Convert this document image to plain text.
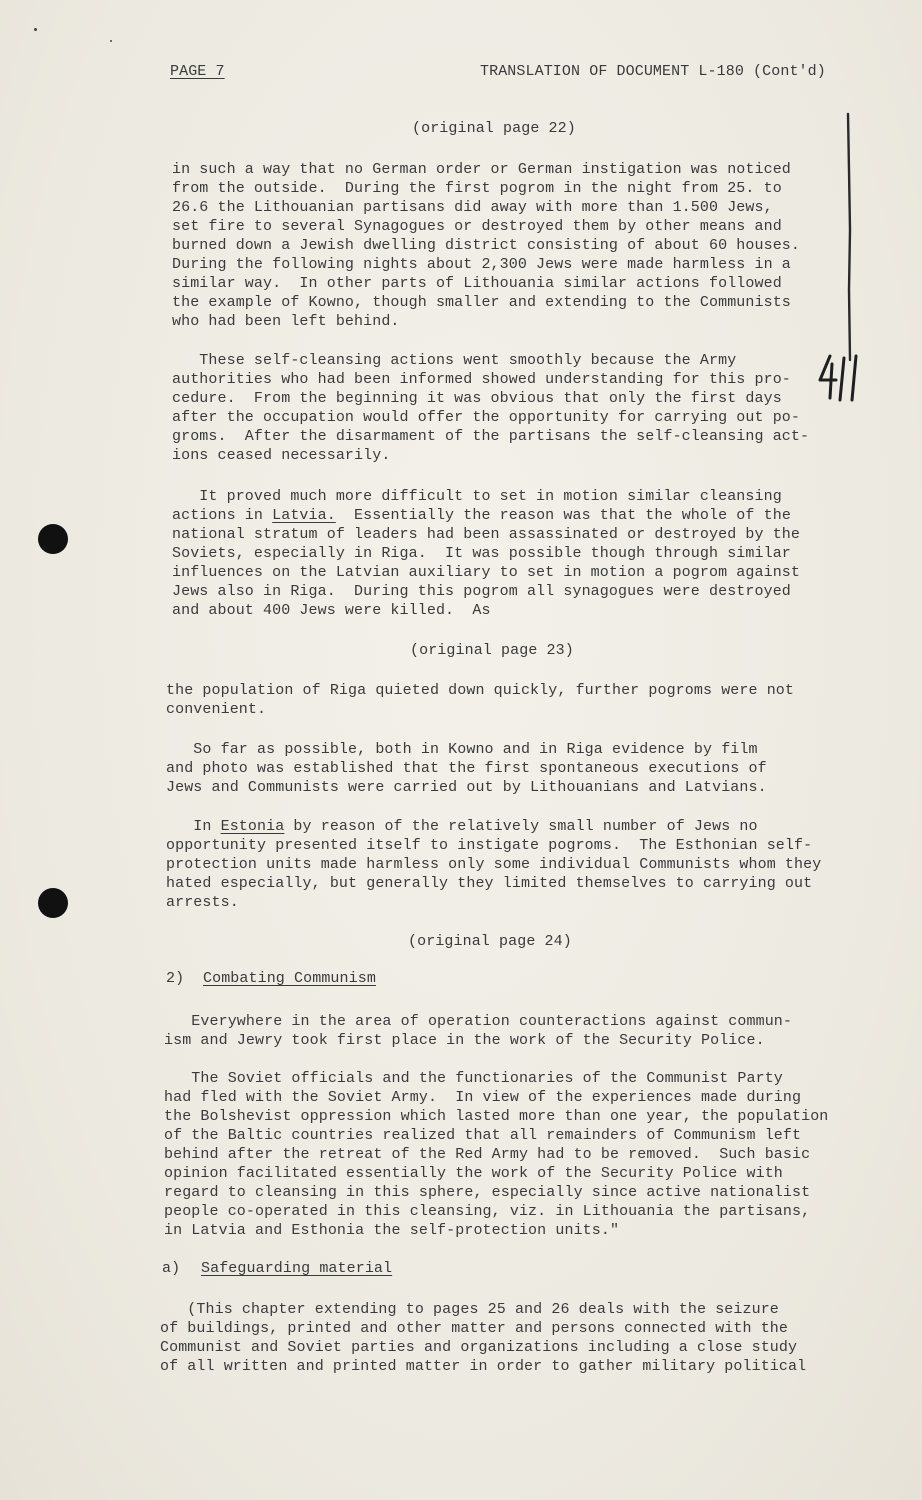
PAGE 7	TRANSLATION OF DOCUMENT L-180 (Cont'd)
(original page 22)
in such a way that no German order or German instigation was noticed
from the outside.  During the first pogrom in the night from 25. to
26.6 the Lithouanian partisans did away with more than 1.500 Jews,
set fire to several Synagogues or destroyed them by other means and
burned down a Jewish dwelling district consisting of about 60 houses.
During the following nights about 2,300 Jews were made harmless in a
similar way.  In other parts of Lithouania similar actions followed
the example of Kowno, though smaller and extending to the Communists
who had been left behind.
These self-cleansing actions went smoothly because the Army
authorities who had been informed showed understanding for this pro-
cedure.  From the beginning it was obvious that only the first days
after the occupation would offer the opportunity for carrying out po-
groms.  After the disarmament of the partisans the self-cleansing act-
ions ceased necessarily.
It proved much more difficult to set in motion similar cleansing
actions in Latvia.  Essentially the reason was that the whole of the
national stratum of leaders had been assassinated or destroyed by the
Soviets, especially in Riga.  It was possible though through similar
influences on the Latvian auxiliary to set in motion a pogrom against
Jews also in Riga.  During this pogrom all synagogues were destroyed
and about 400 Jews were killed.  As
(original page 23)
the population of Riga quieted down quickly, further pogroms were not
convenient.
So far as possible, both in Kowno and in Riga evidence by film
and photo was established that the first spontaneous executions of
Jews and Communists were carried out by Lithouanians and Latvians.
In Estonia by reason of the relatively small number of Jews no
opportunity presented itself to instigate pogroms.  The Esthonian self-
protection units made harmless only some individual Communists whom they
hated especially, but generally they limited themselves to carrying out
arrests.
(original page 24)
2) Combating Communism
Everywhere in the area of operation counteractions against commun-
ism and Jewry took first place in the work of the Security Police.
The Soviet officials and the functionaries of the Communist Party
had fled with the Soviet Army.  In view of the experiences made during
the Bolshevist oppression which lasted more than one year, the population
of the Baltic countries realized that all remainders of Communism left
behind after the retreat of the Red Army had to be removed.  Such basic
opinion facilitated essentially the work of the Security Police with
regard to cleansing in this sphere, especially since active nationalist
people co-operated in this cleansing, viz. in Lithouania the partisans,
in Latvia and Esthonia the self-protection units."
a) Safeguarding material
(This chapter extending to pages 25 and 26 deals with the seizure
of buildings, printed and other matter and persons connected with the
Communist and Soviet parties and organizations including a close study
of all written and printed matter in order to gather military political
